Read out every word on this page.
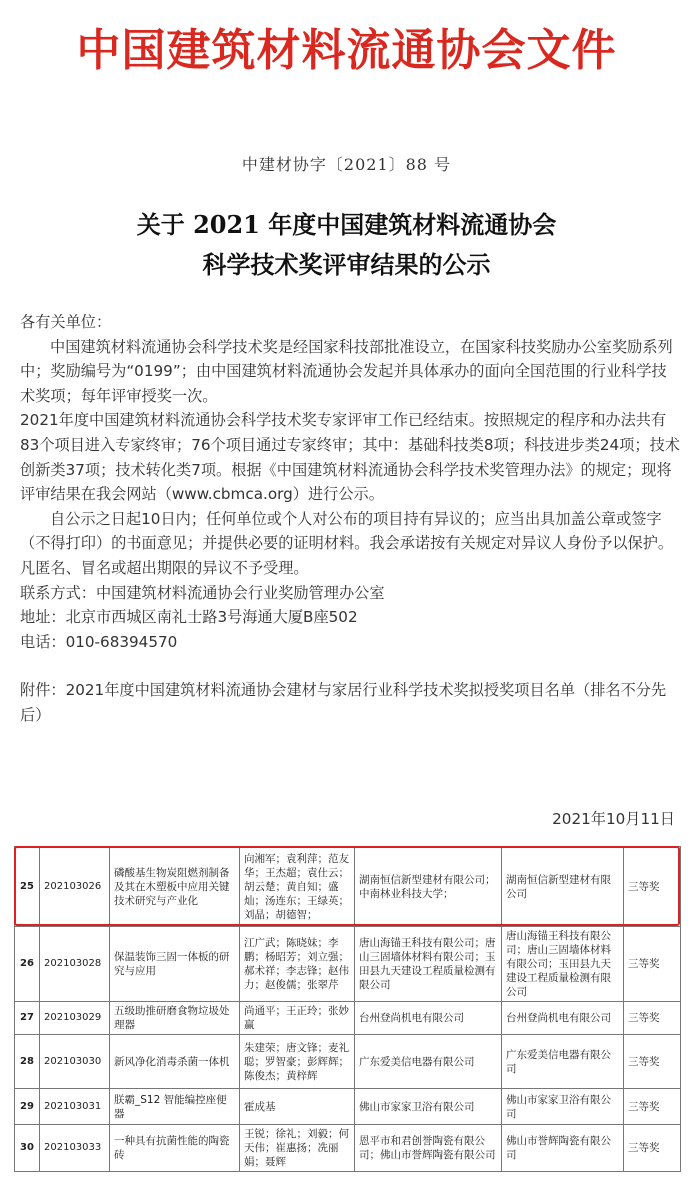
中国建筑材料流通协会文件
中建材协字〔2021〕88 号
关于 2021 年度中国建筑材料流通协会
科学技术奖评审结果的公示

各有关单位：

中国建筑材料流通协会科学技术奖是经国家科技部批准设立，在国家科技奖励办公室奖励系列中；奖励编号为“0199”；由中国建筑材料流通协会发起并具体承办的面向全国范围的行业科学技术奖项；每年评审授奖一次。

2021年度中国建筑材料流通协会科学技术奖专家评审工作已经结束。按照规定的程序和办法共有83个项目进入专家终审；76个项目通过专家终审；其中：基础科技类8项；科技进步类24项；技术创新类37项；技术转化类7项。根据《中国建筑材料流通协会科学技术奖管理办法》的规定；现将评审结果在我会网站（www.cbmca.org）进行公示。

自公示之日起10日内；任何单位或个人对公布的项目持有异议的；应当出具加盖公章或签字（不得打印）的书面意见；并提供必要的证明材料。我会承诺按有关规定对异议人身份予以保护。凡匿名、冒名或超出期限的异议不予受理。

联系方式：中国建筑材料流通协会行业奖励管理办公室

地址：北京市西城区南礼士路3号海通大厦B座502

电话：010-68394570

附件：2021年度中国建筑材料流通协会建材与家居行业科学技术奖拟授奖项目名单（排名不分先后）

2021年10月11日
25	202103026	磷酸基生物炭阻燃剂制备及其在木塑板中应用关键技术研究与产业化	向湘军；袁利萍；范友华；王杰超；袁仕云；胡云楚；黄自知；盛灿；汤连东；王绿英；刘晶；胡德智；	湖南恒信新型建材有限公司；中南林业科技大学；	湖南恒信新型建材有限公司	三等奖
26	202103028	保温装饰三固一体板的研究与应用	江广武；陈晓妹；李鹏；杨昭芳；刘立强；郝术祥；李志锋；赵伟力；赵俊儒；张翠芹	唐山海锚王科技有限公司；唐山三固墙体材料有限公司；玉田县九天建设工程质量检测有限公司	唐山海锚王科技有限公司；唐山三固墙体材料有限公司；玉田县九天建设工程质量检测有限公司	三等奖
27	202103029	五级助推研磨食物垃圾处理器	尚通平；王正玲；张妙赢	台州登尚机电有限公司	台州登尚机电有限公司	三等奖
28	202103030	新风净化消毒杀菌一体机	朱建荣；唐文锋；麦礼聪；罗智豪；彭辉辉；陈俊杰；黄梓辉	广东爱美信电器有限公司	广东爱美信电器有限公司	三等奖
29	202103031	朕霸_S12 智能编控座便器	霍成基	佛山市家家卫浴有限公司	佛山市家家卫浴有限公司	三等奖
30	202103033	一种具有抗菌性能的陶瓷砖	王锐；徐礼；刘毅；何天伟；崔惠扬；冼丽娟；聂辉	恩平市和君创誉陶瓷有限公司；佛山市誉辉陶瓷有限公司	佛山市誉辉陶瓷有限公司	三等奖
